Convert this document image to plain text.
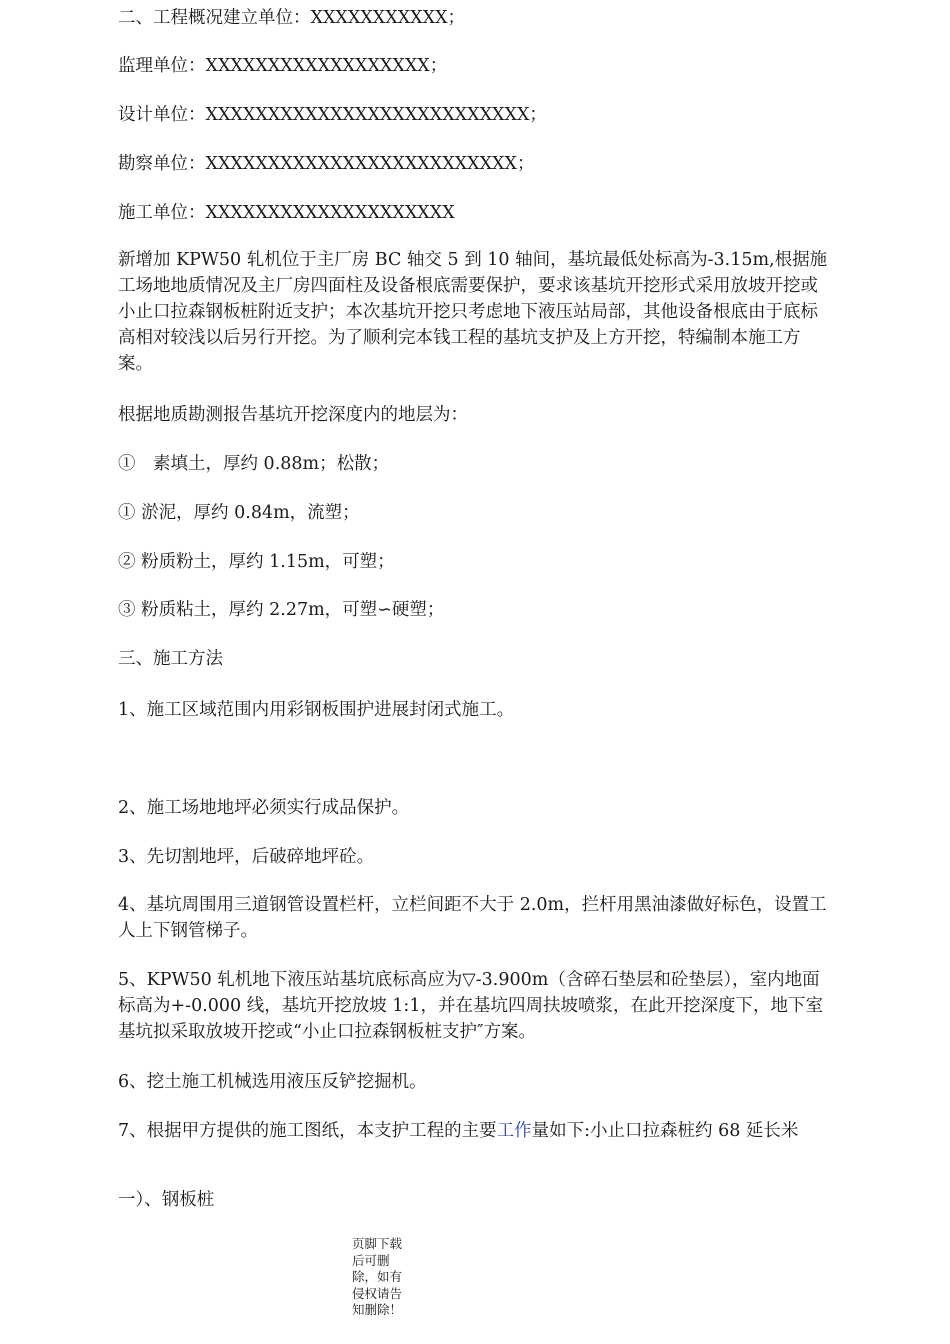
二、工程概况建立单位：XXXXXXXXXXX；

监理单位：XXXXXXXXXXXXXXXXXX；

设计单位：XXXXXXXXXXXXXXXXXXXXXXXXXX；

勘察单位：XXXXXXXXXXXXXXXXXXXXXXXXX；

施工单位：XXXXXXXXXXXXXXXXXXXX

新增加 KPW50 轧机位于主厂房 BC 轴交 5 到 10 轴间，基坑最低处标高为-3.15m,根据施工场地地质情况及主厂房四面柱及设备根底需要保护，要求该基坑开挖形式采用放坡开挖或小止口拉森钢板桩附近支护；本次基坑开挖只考虑地下液压站局部，其他设备根底由于底标高相对较浅以后另行开挖。为了顺利完本钱工程的基坑支护及上方开挖，特编制本施工方案。

根据地质勘测报告基坑开挖深度内的地层为：

①　素填土，厚约 0.88m；松散；

① 淤泥，厚约 0.84m，流塑；

② 粉质粉土，厚约 1.15m，可塑；

③ 粉质粘土，厚约 2.27m，可塑∽硬塑；

三、施工方法

1、施工区域范围内用彩钢板围护进展封闭式施工。

2、施工场地地坪必须实行成品保护。

3、先切割地坪，后破碎地坪砼。

4、基坑周围用三道钢管设置栏杆，立栏间距不大于 2.0m，拦杆用黑油漆做好标色，设置工人上下钢管梯子。

5、KPW50 轧机地下液压站基坑底标高应为▽-3.900m（含碎石垫层和砼垫层），室内地面标高为+-0.000 线，基坑开挖放坡 1:1，并在基坑四周扶坡喷浆，在此开挖深度下，地下室基坑拟采取放坡开挖或“小止口拉森钢板桩支护″方案。

6、挖土施工机械选用液压反铲挖掘机。

7、根据甲方提供的施工图纸，本支护工程的主要工作量如下:小止口拉森桩约 68 延长米

一）、钢板桩

页脚下载后可删除，如有侵权请告知删除！
